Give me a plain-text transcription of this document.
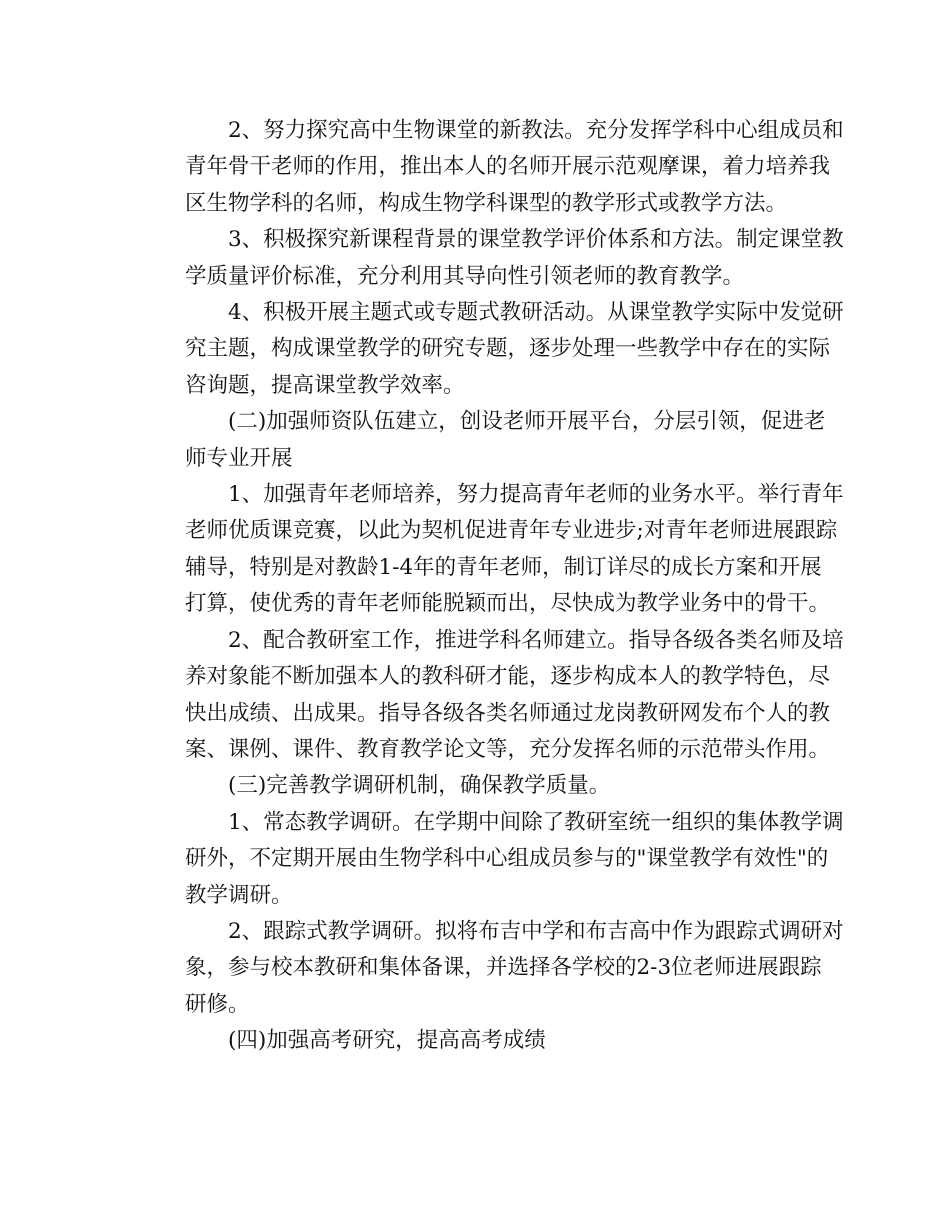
2、努力探究高中生物课堂的新教法。充分发挥学科中心组成员和
青年骨干老师的作用，推出本人的名师开展示范观摩课，着力培养我
区生物学科的名师，构成生物学科课型的教学形式或教学方法。
3、积极探究新课程背景的课堂教学评价体系和方法。制定课堂教
学质量评价标准，充分利用其导向性引领老师的教育教学。
4、积极开展主题式或专题式教研活动。从课堂教学实际中发觉研
究主题，构成课堂教学的研究专题，逐步处理一些教学中存在的实际
咨询题，提高课堂教学效率。
(二)加强师资队伍建立，创设老师开展平台，分层引领，促进老
师专业开展
1、加强青年老师培养，努力提高青年老师的业务水平。举行青年
老师优质课竞赛，以此为契机促进青年专业进步;对青年老师进展跟踪
辅导，特别是对教龄1-4年的青年老师，制订详尽的成长方案和开展
打算，使优秀的青年老师能脱颖而出，尽快成为教学业务中的骨干。
2、配合教研室工作，推进学科名师建立。指导各级各类名师及培
养对象能不断加强本人的教科研才能，逐步构成本人的教学特色，尽
快出成绩、出成果。指导各级各类名师通过龙岗教研网发布个人的教
案、课例、课件、教育教学论文等，充分发挥名师的示范带头作用。
(三)完善教学调研机制，确保教学质量。
1、常态教学调研。在学期中间除了教研室统一组织的集体教学调
研外，不定期开展由生物学科中心组成员参与的"课堂教学有效性"的
教学调研。
2、跟踪式教学调研。拟将布吉中学和布吉高中作为跟踪式调研对
象，参与校本教研和集体备课，并选择各学校的2-3位老师进展跟踪
研修。
(四)加强高考研究，提高高考成绩
